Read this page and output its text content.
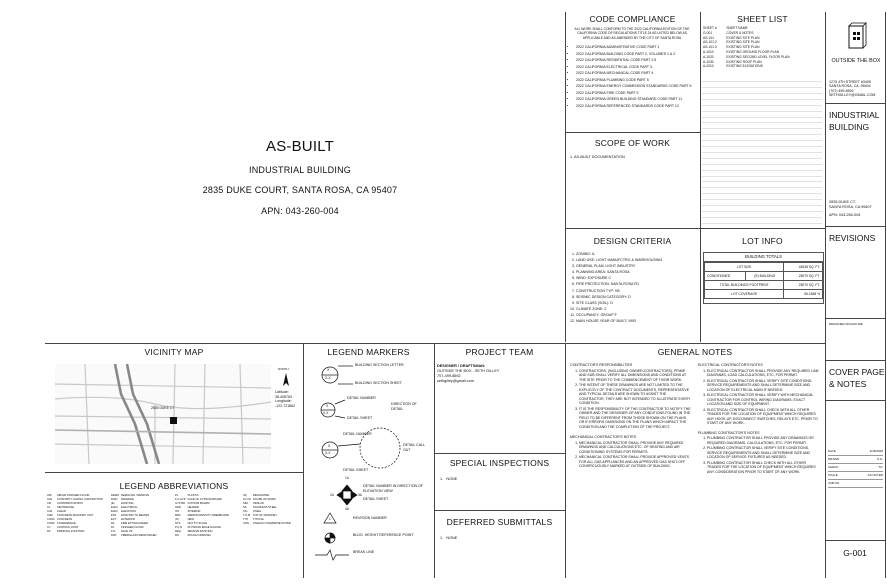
AS-BUILT
INDUSTRIAL BUILDING
2835 DUKE COURT, SANTA ROSA, CA 95407
APN: 043-260-004
CODE COMPLIANCE
ALL WORK SHALL CONFORM TO THE 2022 CALIFORNIA EDITION OF THE CALIFORNIA CODE OF REGULATIONS TITLE 24 AS LISTED BELOW AS APPLICABLE AND AS AMENDED BY THE CITY OF SANTA ROSA
• 2022 CALIFORNIA ADMINISTRATIVE CODE PART 1
• 2022 CALIFORNIA BUILDING CODE PART 2, VOLUMES 1 & 2
• 2022 CALIFORNIA RESIDENTIAL CODE PART 2.5
• 2022 CALIFORNIA ELECTRICAL CODE PART 3
• 2022 CALIFORNIA MECHANICAL CODE PART 4
• 2022 CALIFORNIA PLUMBING CODE PART 5
• 2022 CALIFORNIA ENERGY COMMISSION STANDARDS CODE PART 6
• 2022 CALIFORNIA FIRE CODE PART 9
• 2022 CALIFORNIA GREEN BUILDING STANDARD CODE PART 11
• 2022 CALIFORNIA REFERENCED STANDARDS CODE PART 12
SCOPE OF WORK
1. AS-BUILT DOCUMENTATION
SHEET LIST
SHEET #	SHEET NAME
G-001	COVER & NOTES
AS-101	EXISTING SITE PLAN
AS-101.2	EXISTING SITE PLAN
AS-101.3	EXISTING SITE PLAN
A-1010	EXISTING GROUND FLOOR PLAN
A-1020	EXISTING SECOND LEVEL FLOOR PLAN
A-1030	EXISTING ROOF PLAN
A-2010	EXISTING ELEVATIONS
DESIGN CRITERIA
1. ZONING: IL
2. LAND USE: LIGHT MANUFCTRG & WAREHOUSING
3. GENERAL PLAN: LIGHT INDUSTRY
4. PLANNING AREA: SANTA ROSA
5. WIND: EXPOSURE C
6. FIRE PROTECTION: SANTA ROSA FD
7. CONSTRUCTION TYP: VB
8. SEISMIC DESIGN CATEGORY: D
9. SITE CLASS (SOIL): D
10. CLIMATE ZONE: 2
11. OCCUPANCY: GROUP F
12. MAIN HOUSE YEAR OF BUILT: 1993
LOT INFO
BUILDING TOTALS
LOT SIZE		44538 SQ. FT.
CONDITIONED	(E) BUILDING	25070 SQ. FT.
TOTAL BUILDINGS FOOTPRINT		25070 SQ. FT.
LOT COVERAGE		56.1658 %
OUTSIDE THE BOX
1275 4TH STREET #3405
SANTA ROSA, CA. 95404
(707) 499-8592
SETHGILLEY@GMAIL.COM
INDUSTRIAL
BUILDING
2835 DUKE CT.
SANTA ROSA, CA 95407
APN: 043-260-004
REVISIONS
DESIGNER SIGNATURE
COVER PAGE
& NOTES
DATE	3/18/2025
DRAWN	S.G.
CHECK	T.P.
SCALE	AS NOTED
JOB NO.
G-001
VICINITY MAP
2835 DUKE CT
NORTH
Latitude:
38.408763
Longitude:
-122.721662
LEGEND ABBREVIATIONS
AFF	ABOVE FINISHED FLOOR
AHJ	AUTHORITY HAVING JURISDICTION
CB	CONTRIBUTOR BOX
CL	CENTERLINE
CLR	CLEAR
CMU	CONCRETE MASONRY UNIT
CONC	CONCRETE
CONF	CONFERENCE
CJ	CONTROL JOINT
DF	DRINKING FOUNTAIN
DEMO	DEMOLISH / REMOVE
DWG	DRAWING
(E)	EXISTING
ELEC	ELECTRICAL
ELEV	ELEVATION
ETR	EXISTING TO REMAIN
EXT	EXTERIOR
FE	FIRE EXTINGUISHER
FF	FINISHED FLOOR
F.O.	FACE OF
FRP	FIBERGLASS REINFORCED
PL	PLASTIC
F.O.GYP	FACE OF GYPSUM BOARD
GYP BD	GYPSUM BOARD
HDR	HEADER
INT	INTERIOR
MDF	MEDIUM DENSITY FIBERBOARD
(N)	NEW
NTS	NOT TO SCALE
P.Q.N	PLYWOOD EDGE NAILING
REQ	REMOVE EXISTING
RO	ROUGH OPENING
(R)	RENOVATED
S.O.W	SCOPE OF WORK
SIM	SIMILAR
SS	STAINLESS STEEL
STL	STEEL
T.O.M	TOP OF MASONRY
TYP	TYPICAL
UON	UNLESS OTHERWISE NOTED
LEGEND MARKERS
X
X-X
X
X-X
X
X-X
1A
2A	3A
4A
1
BUILDING SECTION LETTER
BUILDING SECTION SHEET
DETAIL NUMBER
DIRECTION OF DETAIL
DETAIL SHEET
DETAIL NUMBER
DETAIL CALL OUT
DETAIL SHEET
DETAIL NUMBER IN DIRECTION OF ELEVATION VIEW
DETAIL SHEET
REVISION NUMBER
BLDG. HEIGHT REFERENCE POINT
BREAK LINE
PROJECT TEAM
DESIGNER / DRAFTSMAN:
OUTSIDE THE BOX - SETH GILLEY
707-499-8592
sethgilley@gmail.com
SPECIAL INSPECTIONS
1.   NONE
DEFERRED SUBMITTALS
1.   NONE
GENERAL NOTES

CONTRACTOR'S RESPONSIBILITIES

1. CONTRACTORS, (INCLUDING OWNER-CONTRACTORS), PRIME AND SUB SHALL VERIFY ALL DIMENSIONS AND CONDITIONS AT THE SITE PRIOR TO THE COMMENCEMENT OF THEIR WORK.
2. THE INTENT OF THESE DRAWINGS ARE NOT LIMITED TO THE EXPLICITLY OF THE CONTRACT DOCUMENTS, REPRESENTATIVE AND TYPICAL DETAILS ARE SHOWN TO ASSIST THE CONTRACTOR, THEY ARE NOT INTENDED TO ILLUSTRATE EVERY CONDITION.
3. IT IS THE RESPONSIBILITY OF THE CONTRACTOR TO NOTIFY THE OWNER AND THE DESIGNER OF ANY CONDITIONS FOUND IN THE FIELD TO BE DIFFERENT FROM THOSE SHOWN ON THE PLANS OR IF ERRORS OMISSIONS ON THE PLANS WHICH IMPACT THE CONDITION AND THE COMPLETION OF THE PROJECT.

MECHANICAL CONTRACTOR'S NOTES

1. MECHANICAL CONTRACTOR SHALL PROVIDE ANY REQUIRED DRAWINGS AND CALCULATIONS ETC. OF HEATING AND AIR CONDITIONING SYSTEMS FOR PERMITS.
2. MECHANICAL CONTRACTOR SHALL PROVIDE APPROVED VENTS FOR ALL GAS APPLIANCES AND AN APPROVED GAS SHUT-OFF CONSPICUOUSLY MARKED AT OUTSIDE OF BUILDING.

ELECTRICAL CONTRACTOR'S NOTES

1. ELECTRICAL CONTRACTOR SHALL PROVIDE ANY REQUIRED LINE DIAGRAMS, LOAD CALCULATIONS, ETC. FOR PERMIT.
2. ELECTRICAL CONTRACTOR SHALL VERIFY SITE CONDITIONS, SERVICE REQUIREMENTS AND SHALL DETERMINE SIZE AND LOCATION OF ELECTRICAL MAIN IF NEEDED.
3. ELECTRICAL CONTRACTOR SHALL VERIFY WITH MECHANICAL CONTRACTOR FOR CONTROL WIRING DIAGRAMS, EXACT LOCATION AND SIZE OF EQUIPMENT.
4. ELECTRICAL CONTRACTOR SHALL CHECK WITH ALL OTHER TRADES FOR THE LOCATION OF EQUIPMENT WHICH REQUIRES ANY HOOK-UP, DISCONNECT SWITCHES, RELAYS ETC. PRIOR TO START OF ANY WORK.

PLUMBING CONTRACTOR'S NOTES

1. PLUMBING CONTRACTOR SHALL PROVIDE ANY DRAWINGS OR REQUIRED DIAGRAMS, CALCULATIONS, ETC. FOR PERMIT.
2. PLUMBING CONTRACTOR SHALL VERIFY SITE CONDITIONS, SERVICE REQUIREMENTS AND SHALL DETERMINE SIZE AND LOCATION OF SERVICE FIXTURES AS NEEDED.
3. PLUMBING CONTRACTOR SHALL CHECK WITH ALL OTHER TRADES FOR THE LOCATION OF EQUIPMENT WHICH REQUIRES ANY CONSIDERATION PRIOR TO START OF ANY WORK.
